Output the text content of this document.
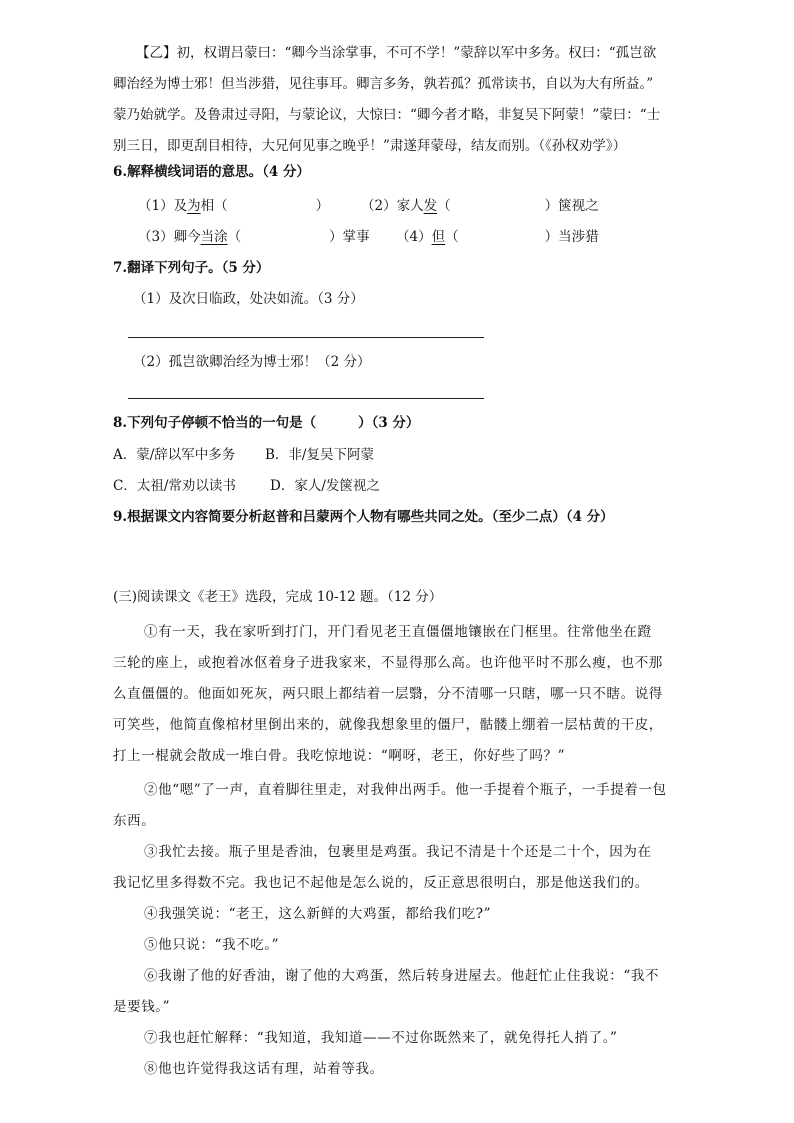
【乙】初，权谓吕蒙曰：“卿今当涂掌事，不可不学！”蒙辞以军中多务。权曰：“孤岂欲
卿治经为博士邪！但当涉猎，见往事耳。卿言多务，孰若孤？孤常读书，自以为大有所益。”
蒙乃始就学。及鲁肃过寻阳，与蒙论议，大惊曰：“卿今者才略，非复吴下阿蒙！”蒙曰：“士
别三日，即更刮目相待，大兄何见事之晚乎！”肃遂拜蒙母，结友而别。（《孙权劝学》）
6.解释横线词语的意思。（4 分）
（1）及为相（	） （2）家人发（	）箧视之
（3）卿今当涂（	）掌事 （4）但（	）当涉猎
7.翻译下列句子。（5 分）
（1）及次日临政，处决如流。（3 分）
（2）孤岂欲卿治经为博士邪！（2 分）
8.下列句子停顿不恰当的一句是（	）（3 分）
A．蒙/辞以军中多务 B．非/复吴下阿蒙
C．太祖/常劝以读书	D．家人/发箧视之
9.根据课文内容简要分析赵普和吕蒙两个人物有哪些共同之处。（至少二点）（4 分）
(三)阅读课文《老王》选段，完成 10-12 题。（12 分）
①有一天，我在家听到打门，开门看见老王直僵僵地镶嵌在门框里。往常他坐在蹬
三轮的座上，或抱着冰伛着身子进我家来，不显得那么高。也许他平时不那么瘦，也不那
么直僵僵的。他面如死灰，两只眼上都结着一层翳，分不清哪一只瞎，哪一只不瞎。说得
可笑些，他简直像棺材里倒出来的，就像我想象里的僵尸，骷髅上绷着一层枯黄的干皮，
打上一棍就会散成一堆白骨。我吃惊地说：“啊呀，老王，你好些了吗？”
②他“嗯”了一声，直着脚往里走，对我伸出两手。他一手提着个瓶子，一手提着一包
东西。
③我忙去接。瓶子里是香油，包裹里是鸡蛋。我记不清是十个还是二十个，因为在
我记忆里多得数不完。我也记不起他是怎么说的，反正意思很明白，那是他送我们的。
④我强笑说：“老王，这么新鲜的大鸡蛋，都给我们吃?”
⑤他只说：“我不吃。”
⑥我谢了他的好香油，谢了他的大鸡蛋，然后转身进屋去。他赶忙止住我说：“我不
是要钱。”
⑦我也赶忙解释：“我知道，我知道——不过你既然来了，就免得托人捎了。”
⑧他也许觉得我这话有理，站着等我。
